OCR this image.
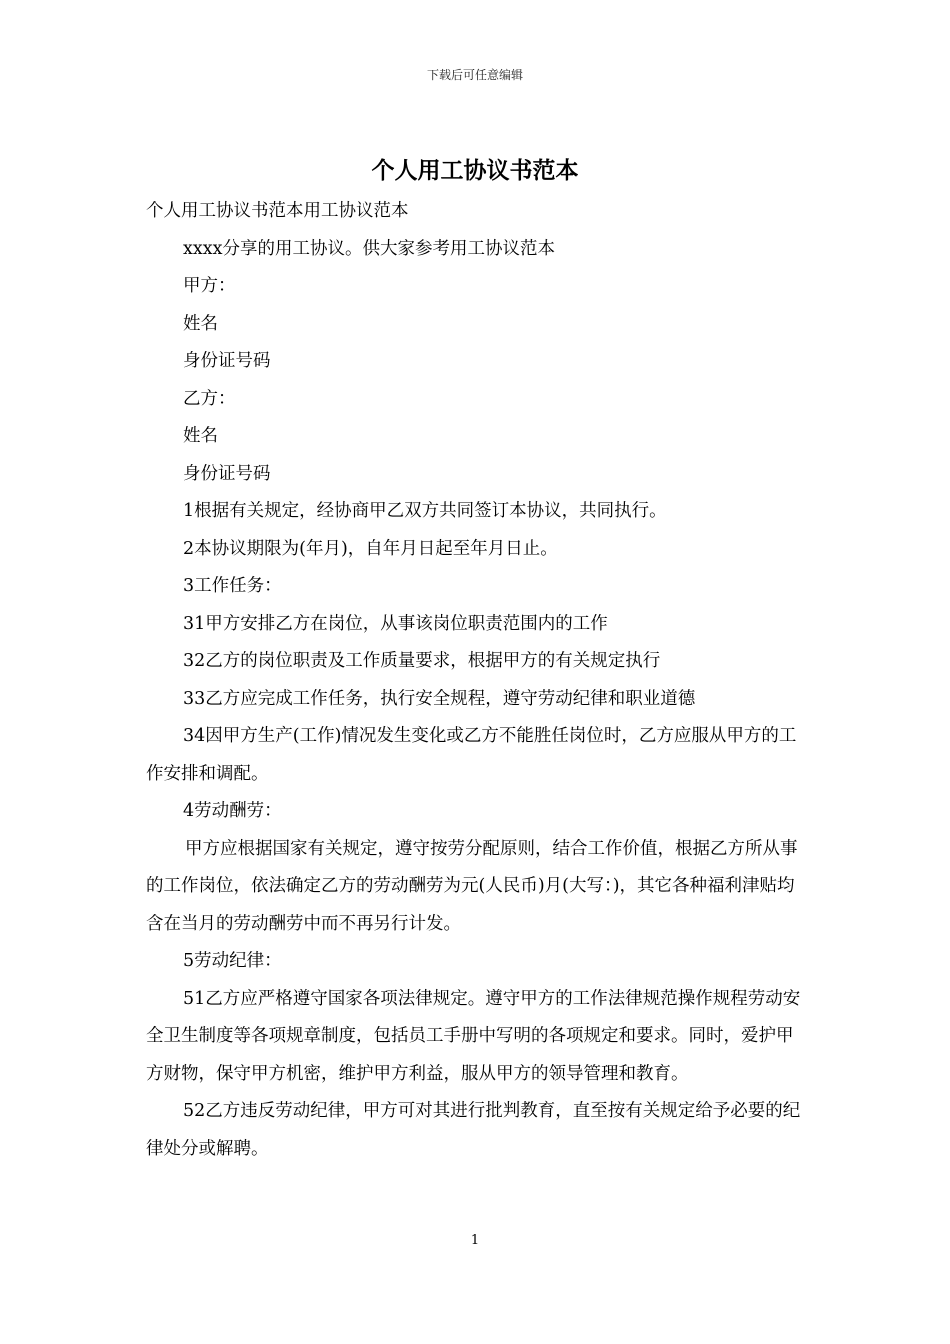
下载后可任意编辑
个人用工协议书范本

个人用工协议书范本用工协议范本

xxxx分享的用工协议。供大家参考用工协议范本

甲方：

姓名

身份证号码

乙方：

姓名

身份证号码

1根据有关规定，经协商甲乙双方共同签订本协议，共同执行。

2本协议期限为(年月)，自年月日起至年月日止。

3工作任务：

31甲方安排乙方在岗位，从事该岗位职责范围内的工作

32乙方的岗位职责及工作质量要求，根据甲方的有关规定执行

33乙方应完成工作任务，执行安全规程，遵守劳动纪律和职业道德

34因甲方生产(工作)情况发生变化或乙方不能胜任岗位时，乙方应服从甲方的工作安排和调配。

4劳动酬劳：

甲方应根据国家有关规定，遵守按劳分配原则，结合工作价值，根据乙方所从事的工作岗位，依法确定乙方的劳动酬劳为元(人民币)月(大写：)，其它各种福利津贴均含在当月的劳动酬劳中而不再另行计发。

5劳动纪律：

51乙方应严格遵守国家各项法律规定。遵守甲方的工作法律规范操作规程劳动安全卫生制度等各项规章制度，包括员工手册中写明的各项规定和要求。同时，爱护甲方财物，保守甲方机密，维护甲方利益，服从甲方的领导管理和教育。

52乙方违反劳动纪律，甲方可对其进行批判教育，直至按有关规定给予必要的纪律处分或解聘。

1
